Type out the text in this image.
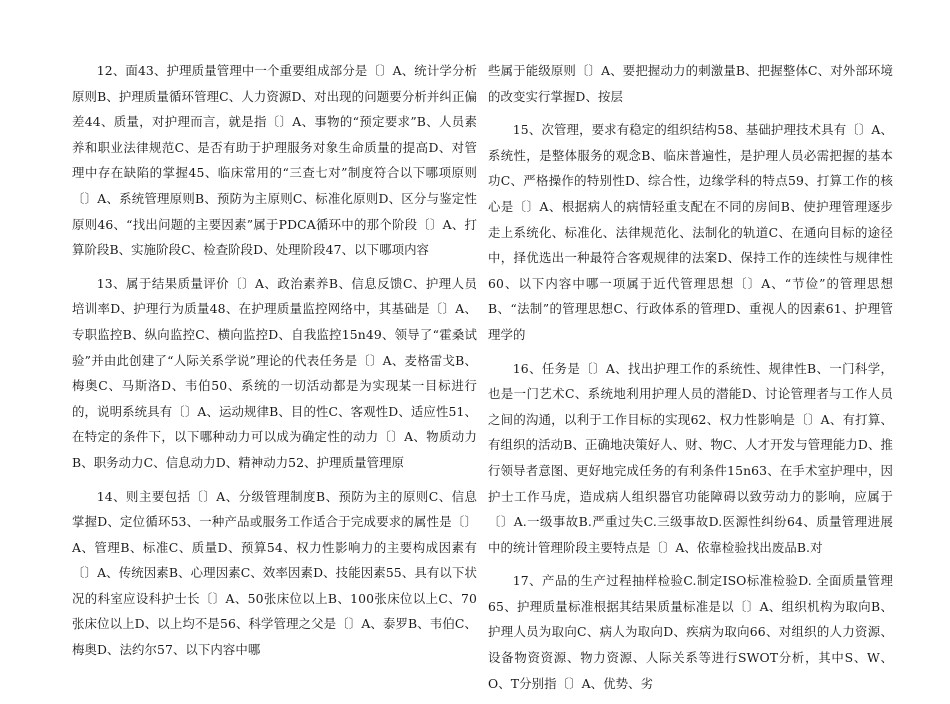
12、面43、护理质量管理中一个重要组成部分是〔〕A、统计学分析原则B、护理质量循环管理C、人力资源D、对出现的问题要分析并纠正偏差44、质量，对护理而言，就是指〔〕A、事物的“预定要求”B、人员素养和职业法律规范C、是否有助于护理服务对象生命质量的提高D、对管理中存在缺陷的掌握45、临床常用的“三查七对”制度符合以下哪项原则〔〕A、系统管理原则B、预防为主原则C、标准化原则D、区分与鉴定性原则46、“找出问题的主要因素”属于PDCA循环中的那个阶段〔〕A、打算阶段B、实施阶段C、检查阶段D、处理阶段47、以下哪项内容

13、属于结果质量评价〔〕A、政治素养B、信息反馈C、护理人员培训率D、护理行为质量48、在护理质量监控网络中，其基础是〔〕A、专职监控B、纵向监控C、横向监控D、自我监控15n49、领导了“霍桑试验”并由此创建了“人际关系学说”理论的代表任务是〔〕A、麦格雷戈B、梅奥C、马斯洛D、韦伯50、系统的一切活动都是为实现某一目标进行的，说明系统具有〔〕A、运动规律B、目的性C、客观性D、适应性51、在特定的条件下，以下哪种动力可以成为确定性的动力〔〕A、物质动力B、职务动力C、信息动力D、精神动力52、护理质量管理原

14、则主要包括〔〕A、分级管理制度B、预防为主的原则C、信息掌握D、定位循环53、一种产品或服务工作适合于完成要求的属性是〔〕A、管理B、标准C、质量D、预算54、权力性影响力的主要构成因素有〔〕A、传统因素B、心理因素C、效率因素D、技能因素55、具有以下状况的科室应设科护士长〔〕A、50张床位以上B、100张床位以上C、70张床位以上D、以上均不是56、科学管理之父是〔〕A、泰罗B、韦伯C、梅奥D、法约尔57、以下内容中哪

些属于能级原则〔〕A、要把握动力的刺激量B、把握整体C、对外部环境的改变实行掌握D、按层

15、次管理，要求有稳定的组织结构58、基础护理技术具有〔〕A、系统性，是整体服务的观念B、临床普遍性，是护理人员必需把握的基本功C、严格操作的特别性D、综合性，边缘学科的特点59、打算工作的核心是〔〕A、根据病人的病情轻重支配在不同的房间B、使护理管理逐步走上系统化、标准化、法律规范化、法制化的轨道C、在通向目标的途径中，择优选出一种最符合客观规律的法案D、保持工作的连续性与规律性60、以下内容中哪一项属于近代管理思想〔〕A、“节俭”的管理思想B、“法制”的管理思想C、行政体系的管理D、重视人的因素61、护理管理学的

16、任务是〔〕A、找出护理工作的系统性、规律性B、一门科学，也是一门艺术C、系统地利用护理人员的潜能D、讨论管理者与工作人员之间的沟通，以利于工作目标的实现62、权力性影响是〔〕A、有打算、有组织的活动B、正确地决策好人、财、物C、人才开发与管理能力D、推行领导者意图、更好地完成任务的有利条件15n63、在手术室护理中，因护士工作马虎，造成病人组织器官功能障碍以致劳动力的影响，应属于〔〕A.一级事故B.严重过失C.三级事故D.医源性纠纷64、质量管理进展中的统计管理阶段主要特点是〔〕A、依靠检验找出废品B.对

17、产品的生产过程抽样检验C.制定ISO标准检验D. 全面质量管理65、护理质量标准根据其结果质量标准是以〔〕A、组织机构为取向B、护理人员为取向C、病人为取向D、疾病为取向66、对组织的人力资源、设备物资资源、物力资源、人际关系等进行SWOT分析，其中S、W、O、T分别指〔〕A、优势、劣
